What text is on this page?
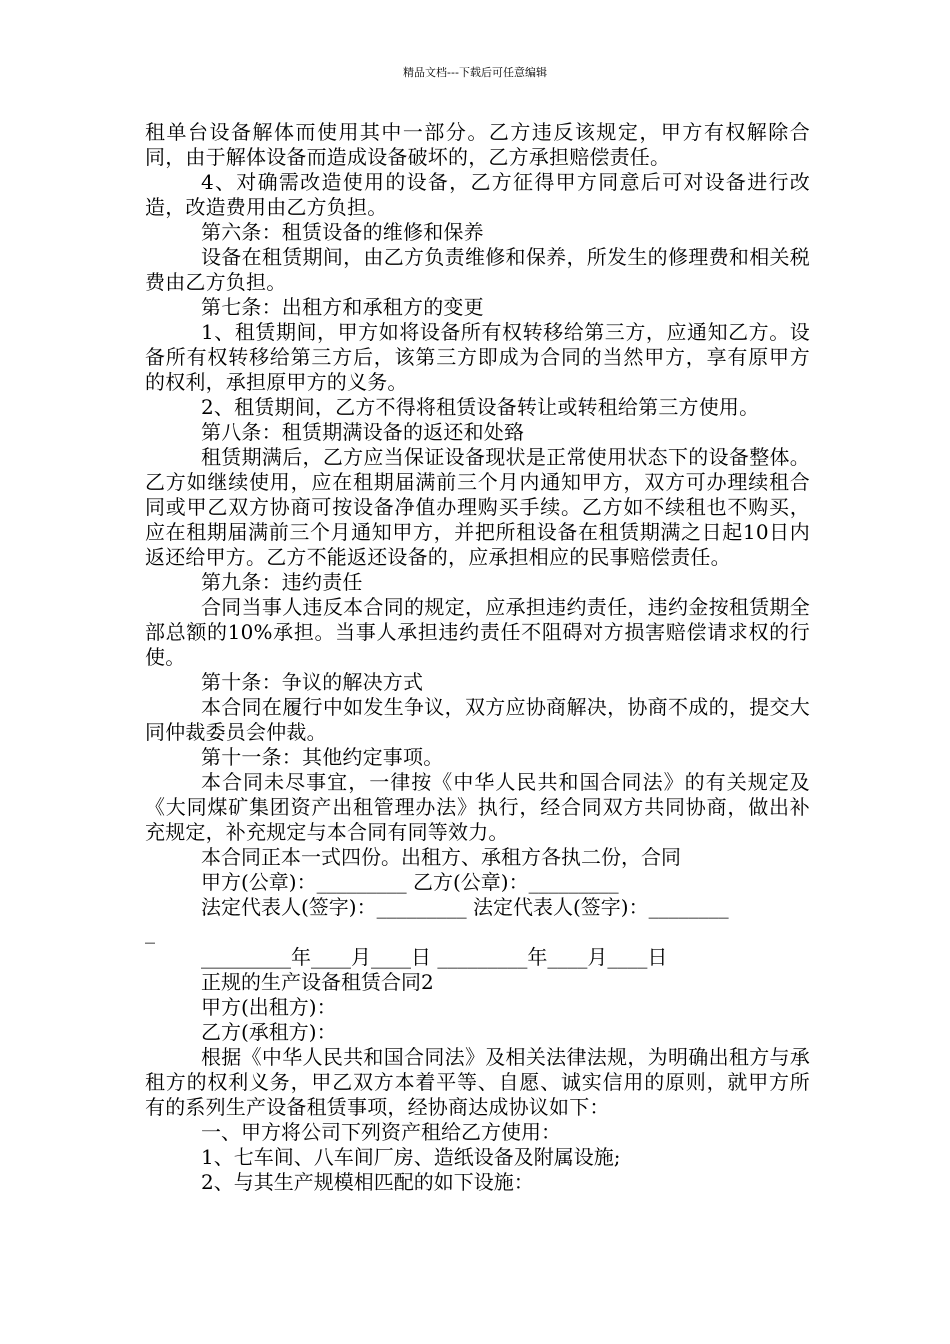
精品文档---下载后可任意编辑

租单台设备解体而使用其中一部分。乙方违反该规定，甲方有权解除合同，由于解体设备而造成设备破坏的，乙方承担赔偿责任。

4、对确需改造使用的设备，乙方征得甲方同意后可对设备进行改造，改造费用由乙方负担。

第六条：租赁设备的维修和保养

设备在租赁期间，由乙方负责维修和保养，所发生的修理费和相关税费由乙方负担。

第七条：出租方和承租方的变更

1、租赁期间，甲方如将设备所有权转移给第三方，应通知乙方。设备所有权转移给第三方后，该第三方即成为合同的当然甲方，享有原甲方的权利，承担原甲方的义务。

2、租赁期间，乙方不得将租赁设备转让或转租给第三方使用。

第八条：租赁期满设备的返还和处臵

租赁期满后，乙方应当保证设备现状是正常使用状态下的设备整体。乙方如继续使用，应在租期届满前三个月内通知甲方，双方可办理续租合同或甲乙双方协商可按设备净值办理购买手续。乙方如不续租也不购买，应在租期届满前三个月通知甲方，并把所租设备在租赁期满之日起10日内返还给甲方。乙方不能返还设备的，应承担相应的民事赔偿责任。

第九条：违约责任

合同当事人违反本合同的规定，应承担违约责任，违约金按租赁期全部总额的10%承担。当事人承担违约责任不阻碍对方损害赔偿请求权的行使。

第十条：争议的解决方式

本合同在履行中如发生争议，双方应协商解决，协商不成的，提交大同仲裁委员会仲裁。

第十一条：其他约定事项。

本合同未尽事宜，一律按《中华人民共和国合同法》的有关规定及《大同煤矿集团资产出租管理办法》执行，经合同双方共同协商，做出补充规定，补充规定与本合同有同等效力。

本合同正本一式四份。出租方、承租方各执二份，合同

甲方(公章)：_________ 乙方(公章)：_________

法定代表人(签字)：_________ 法定代表人(签字)：________

_

_________年____月____日 _________年____月____日

正规的生产设备租赁合同2

甲方(出租方)：

乙方(承租方)：

根据《中华人民共和国合同法》及相关法律法规，为明确出租方与承租方的权利义务，甲乙双方本着平等、自愿、诚实信用的原则，就甲方所有的系列生产设备租赁事项，经协商达成协议如下：

一、甲方将公司下列资产租给乙方使用：

1、七车间、八车间厂房、造纸设备及附属设施;

2、与其生产规模相匹配的如下设施：
